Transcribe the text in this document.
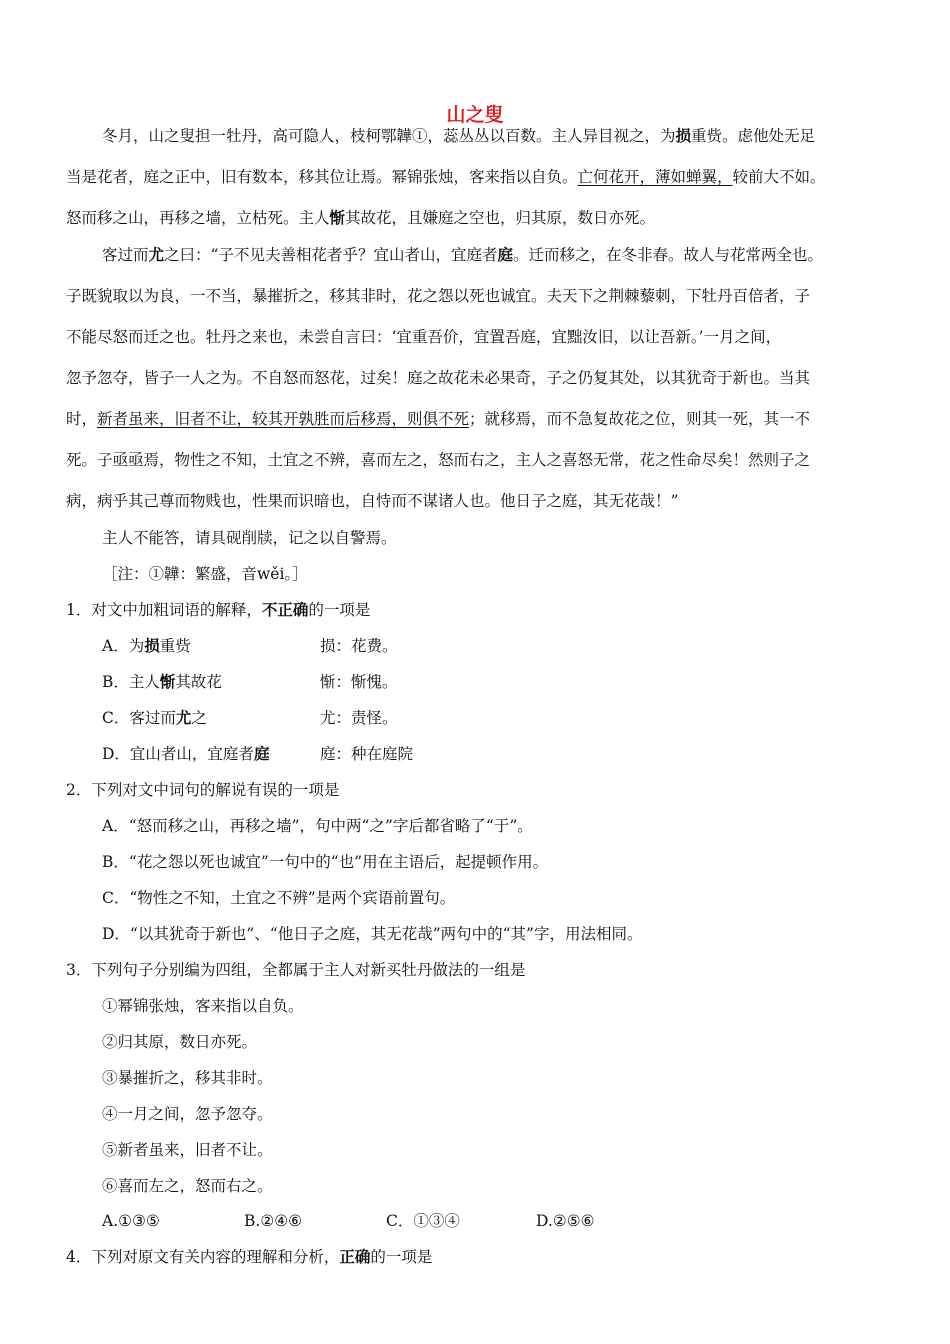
山之叟
冬月，山之叟担一牡丹，高可隐人，枝柯鄂韡①，蕊丛丛以百数。主人异目视之，为损重赀。虑他处无足
当是花者，庭之正中，旧有数本，移其位让焉。幂锦张烛，客来指以自负。亡何花开，薄如蝉翼，较前大不如。
怒而移之山，再移之墙，立枯死。主人惭其故花，且嫌庭之空也，归其原，数日亦死。
客过而尤之曰：“子不见夫善相花者乎？宜山者山，宜庭者庭。迁而移之，在冬非春。故人与花常两全也。
子既貌取以为良，一不当，暴摧折之，移其非时，花之怨以死也诚宜。夫天下之荆棘藜刺，下牡丹百倍者，子
不能尽怒而迁之也。牡丹之来也，未尝自言曰：‘宜重吾价，宜置吾庭，宜黜汝旧，以让吾新。’一月之间，
忽予忽夺，皆子一人之为。不自怒而怒花，过矣！庭之故花未必果奇，子之仍复其处，以其犹奇于新也。当其
时，新者虽来，旧者不让，较其开孰胜而后移焉，则俱不死；就移焉，而不急复故花之位，则其一死，其一不
死。子亟亟焉，物性之不知，土宜之不辨，喜而左之，怒而右之，主人之喜怒无常，花之性命尽矣！然则子之
病，病乎其己尊而物贱也，性果而识暗也，自恃而不谋诸人也。他日子之庭，其无花哉！”
主人不能答，请具砚削牍，记之以自警焉。
［注：①韡：繁盛，音wěi。］
1．对文中加粗词语的解释，不正确的一项是
A．为损重赀	损：花费。
B．主人惭其故花	惭：惭愧。
C．客过而尤之	尤：责怪。
D．宜山者山，宜庭者庭	庭：种在庭院
2．下列对文中词句的解说有误的一项是
A．“怒而移之山，再移之墙”，句中两“之”字后都省略了“于”。
B．“花之怨以死也诚宜”一句中的“也”用在主语后，起提顿作用。
C．“物性之不知，土宜之不辨”是两个宾语前置句。
D．“以其犹奇于新也”、“他日子之庭，其无花哉”两句中的“其”字，用法相同。
3．下列句子分别编为四组，全都属于主人对新买牡丹做法的一组是
①幂锦张烛，客来指以自负。
②归其原，数日亦死。
③暴摧折之，移其非时。
④一月之间，忽予忽夺。
⑤新者虽来，旧者不让。
⑥喜而左之，怒而右之。
A.①③⑤	B.②④⑥	C．①③④	D.②⑤⑥
4．下列对原文有关内容的理解和分析，正确的一项是
